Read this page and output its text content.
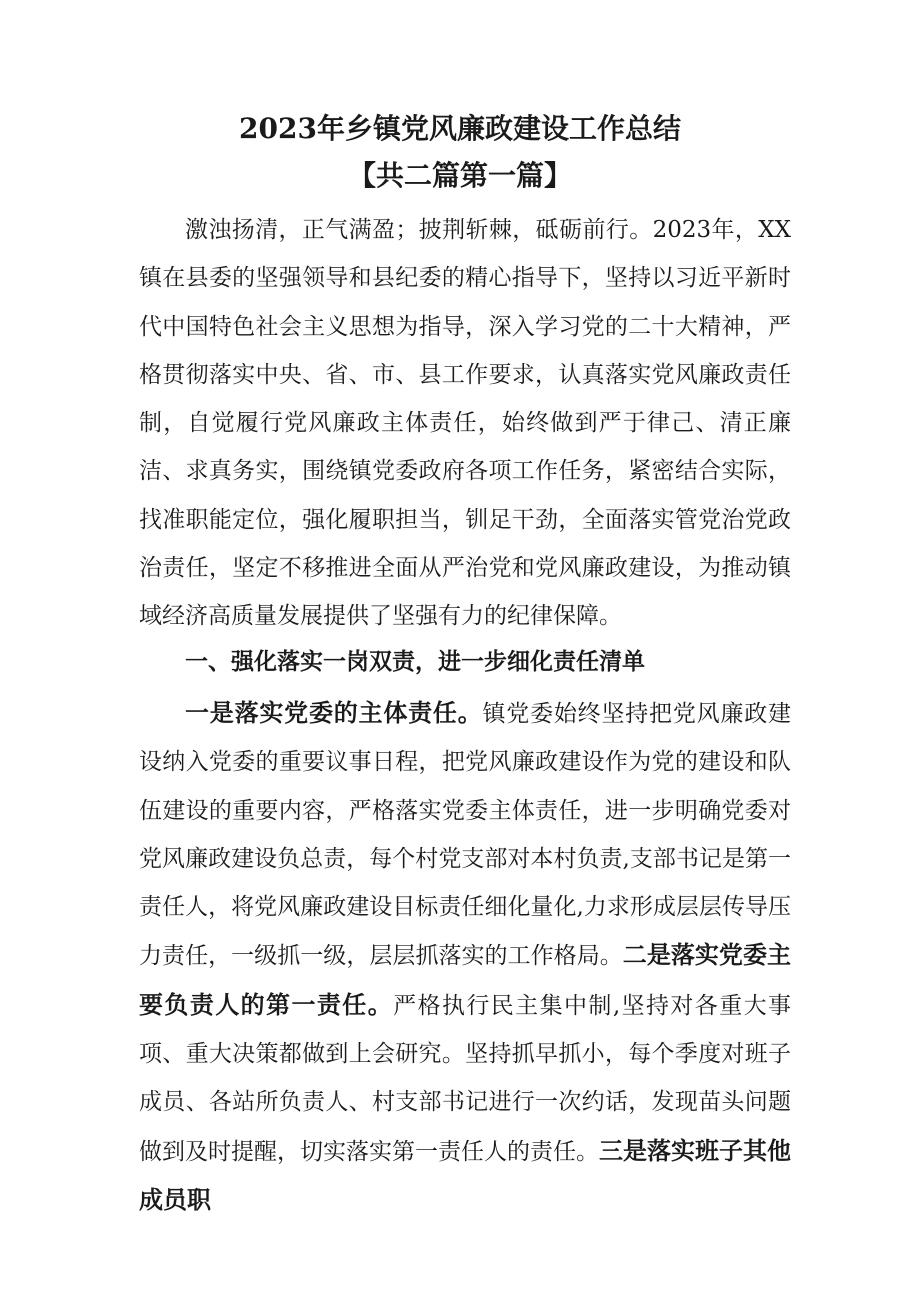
2023年乡镇党风廉政建设工作总结
【共二篇第一篇】

激浊扬清，正气满盈；披荆斩棘，砥砺前行。2023年，XX镇在县委的坚强领导和县纪委的精心指导下，坚持以习近平新时代中国特色社会主义思想为指导，深入学习党的二十大精神，严格贯彻落实中央、省、市、县工作要求，认真落实党风廉政责任制，自觉履行党风廉政主体责任，始终做到严于律己、清正廉洁、求真务实，围绕镇党委政府各项工作任务，紧密结合实际，找准职能定位，强化履职担当，钏足干劲，全面落实管党治党政治责任，坚定不移推进全面从严治党和党风廉政建设，为推动镇域经济高质量发展提供了坚强有力的纪律保障。

一、强化落实一岗双责，进一步细化责任清单

一是落实党委的主体责任。镇党委始终坚持把党风廉政建设纳入党委的重要议事日程，把党风廉政建设作为党的建设和队伍建设的重要内容，严格落实党委主体责任，进一步明确党委对党风廉政建设负总责，每个村党支部对本村负责,支部书记是第一责任人，将党风廉政建设目标责任细化量化,力求形成层层传导压力责任，一级抓一级，层层抓落实的工作格局。二是落实党委主要负责人的第一责任。严格执行民主集中制,坚持对各重大事项、重大决策都做到上会研究。坚持抓早抓小，每个季度对班子成员、各站所负责人、村支部书记进行一次约话，发现苗头问题做到及时提醒，切实落实第一责任人的责任。三是落实班子其他成员职
